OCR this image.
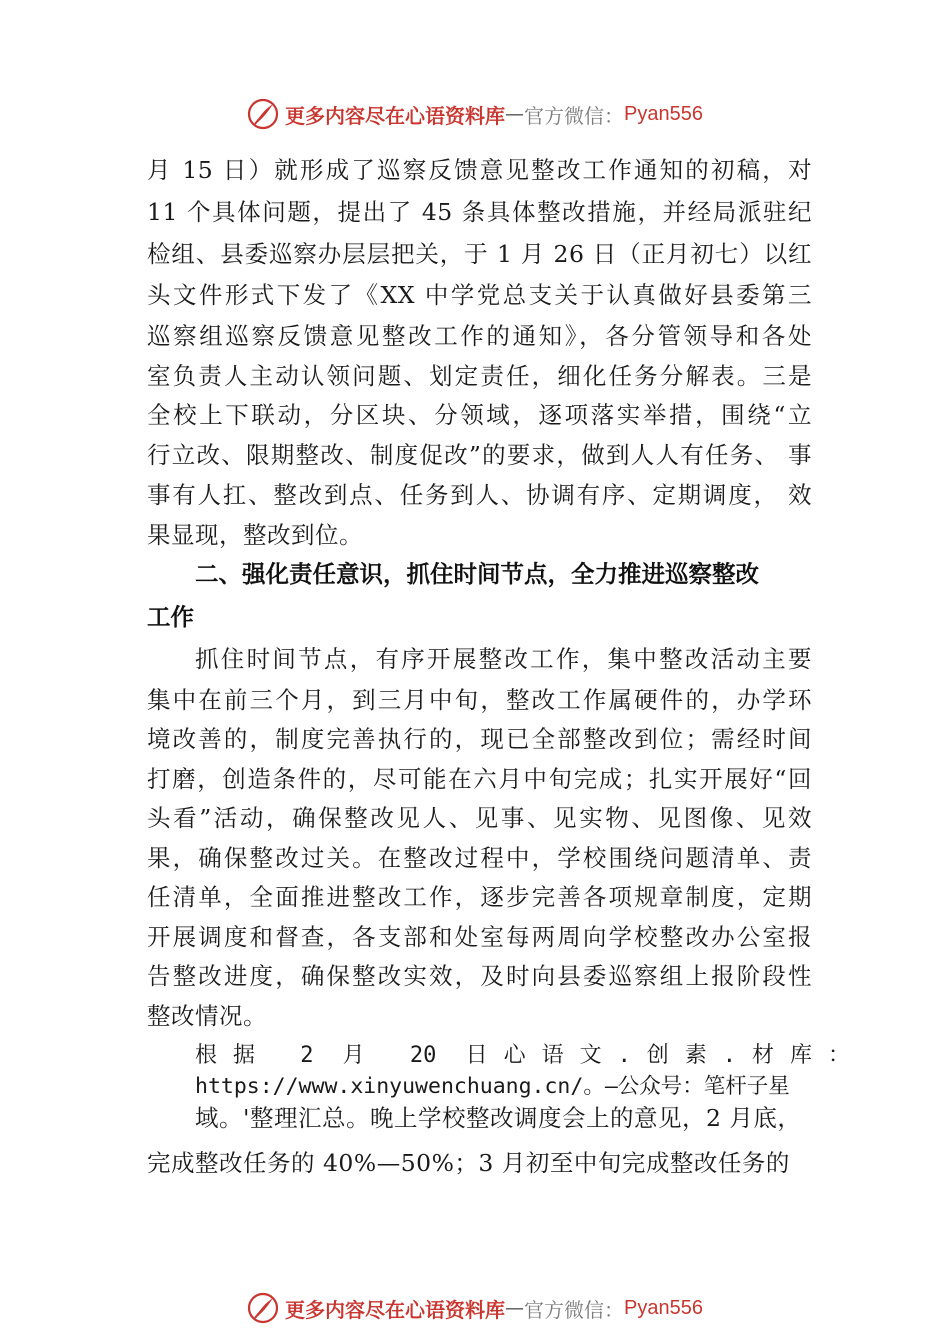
更多内容尽在心语资料库 — 官方微信： Pyan556
月 15 日）就形成了巡察反馈意见整改工作通知的初稿，对
11 个具体问题，提出了 45 条具体整改措施，并经局派驻纪
检组、县委巡察办层层把关，于 1 月 26 日（正月初七）以红
头文件形式下发了《XX 中学党总支关于认真做好县委第三
巡察组巡察反馈意见整改工作的通知》，各分管领导和各处
室负责人主动认领问题、划定责任，细化任务分解表。三是
全校上下联动，分区块、分领域，逐项落实举措，围绕“立
行立改、限期整改、制度促改”的要求，做到人人有任务、 事
事有人扛、整改到点、任务到人、协调有序、定期调度， 效
果显现，整改到位。
二、强化责任意识，抓住时间节点，全力推进巡察整改
工作
抓住时间节点，有序开展整改工作，集中整改活动主要
集中在前三个月，到三月中旬，整改工作属硬件的，办学环
境改善的，制度完善执行的，现已全部整改到位；需经时间
打磨，创造条件的，尽可能在六月中旬完成；扎实开展好“回
头看”活动，确保整改见人、见事、见实物、见图像、见效
果，确保整改过关。在整改过程中，学校围绕问题清单、责
任清单，全面推进整改工作，逐步完善各项规章制度，定期
开展调度和督查，各支部和处室每两周向学校整改办公室报
告整改进度，确保整改实效，及时向县委巡察组上报阶段性
整改情况。
根据 2 月 20 日心语文.创素.材库：
https://www.xinyuwenchuang.cn/。—公众号：笔杆子星
域。'整理汇总。晚上学校整改调度会上的意见，2 月底，
完成整改任务的 40%—50%；3 月初至中旬完成整改任务的
更多内容尽在心语资料库 — 官方微信： Pyan556
